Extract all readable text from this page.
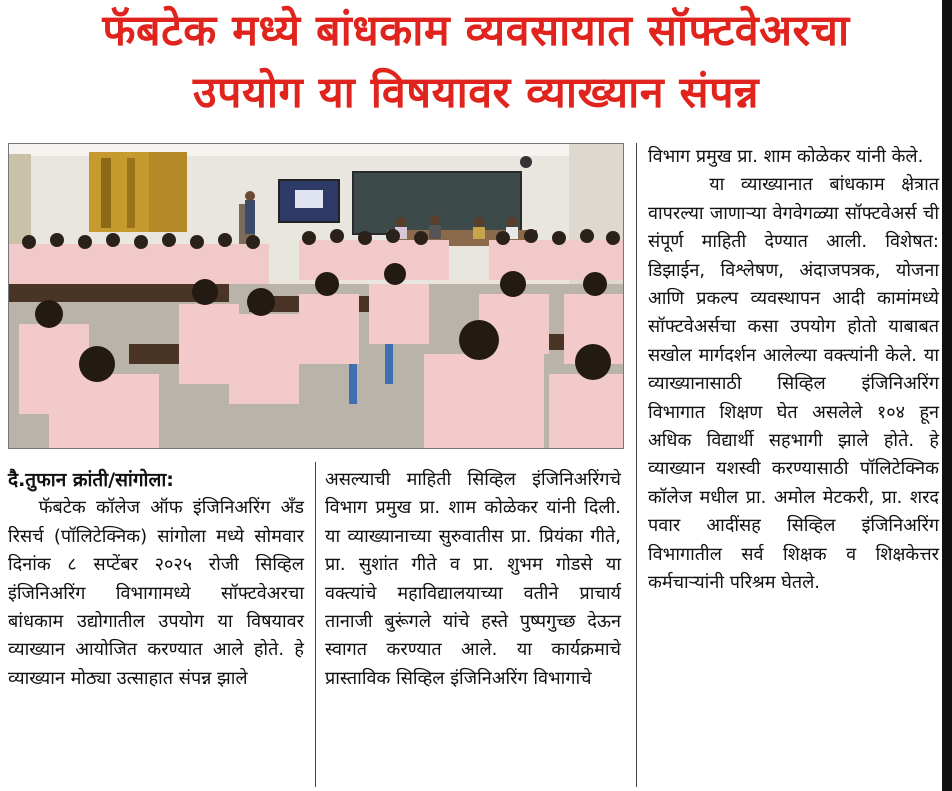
फॅबटेक मध्ये बांधकाम व्यवसायात सॉफ्टवेअरचा
उपयोग या विषयावर व्याख्यान संपन्न

दै.तुफान क्रांती/सांगोला:

फॅबटेक कॉलेज ऑफ इंजिनिअरिंग अँड रिसर्च (पॉलिटेक्निक) सांगोला मध्ये सोमवार दिनांक ८ सप्टेंबर २०२५ रोजी सिव्हिल इंजिनिअरिंग विभागामध्ये सॉफ्टवेअरचा बांधकाम उद्योगातील उपयोग या विषयावर व्याख्यान आयोजित करण्यात आले होते. हे व्याख्यान मोठ्या उत्साहात संपन्न झाले

असल्याची माहिती सिव्हिल इंजिनिअरिंगचे विभाग प्रमुख प्रा. शाम कोळेकर यांनी दिली. या व्याख्यानाच्या सुरुवातीस प्रा. प्रियंका गीते, प्रा. सुशांत गीते व प्रा. शुभम गोडसे या वक्त्यांचे महाविद्यालयाच्या वतीने प्राचार्य तानाजी बुरूंगले यांचे हस्ते पुष्पगुच्छ देऊन स्वागत करण्यात आले. या कार्यक्रमाचे प्रास्ताविक सिव्हिल इंजिनिअरिंग विभागाचे

विभाग प्रमुख प्रा. शाम कोळेकर यांनी केले.

या व्याख्यानात बांधकाम क्षेत्रात वापरल्या जाणाऱ्या वेगवेगळ्या सॉफ्टवेअर्स ची संपूर्ण माहिती देण्यात आली. विशेषत: डिझाईन, विश्लेषण, अंदाजपत्रक, योजना आणि प्रकल्प व्यवस्थापन आदी कामांमध्ये सॉफ्टवेअर्सचा कसा उपयोग होतो याबाबत सखोल मार्गदर्शन आलेल्या वक्त्यांनी केले. या व्याख्यानासाठी सिव्हिल इंजिनिअरिंग विभागात शिक्षण घेत असलेले १०४ हून अधिक विद्यार्थी सहभागी झाले होते. हे व्याख्यान यशस्वी करण्यासाठी पॉलिटेक्निक कॉलेज मधील प्रा. अमोल मेटकरी, प्रा. शरद पवार आदींसह सिव्हिल इंजिनिअरिंग विभागातील सर्व शिक्षक व शिक्षकेत्तर कर्मचाऱ्यांनी परिश्रम घेतले.
